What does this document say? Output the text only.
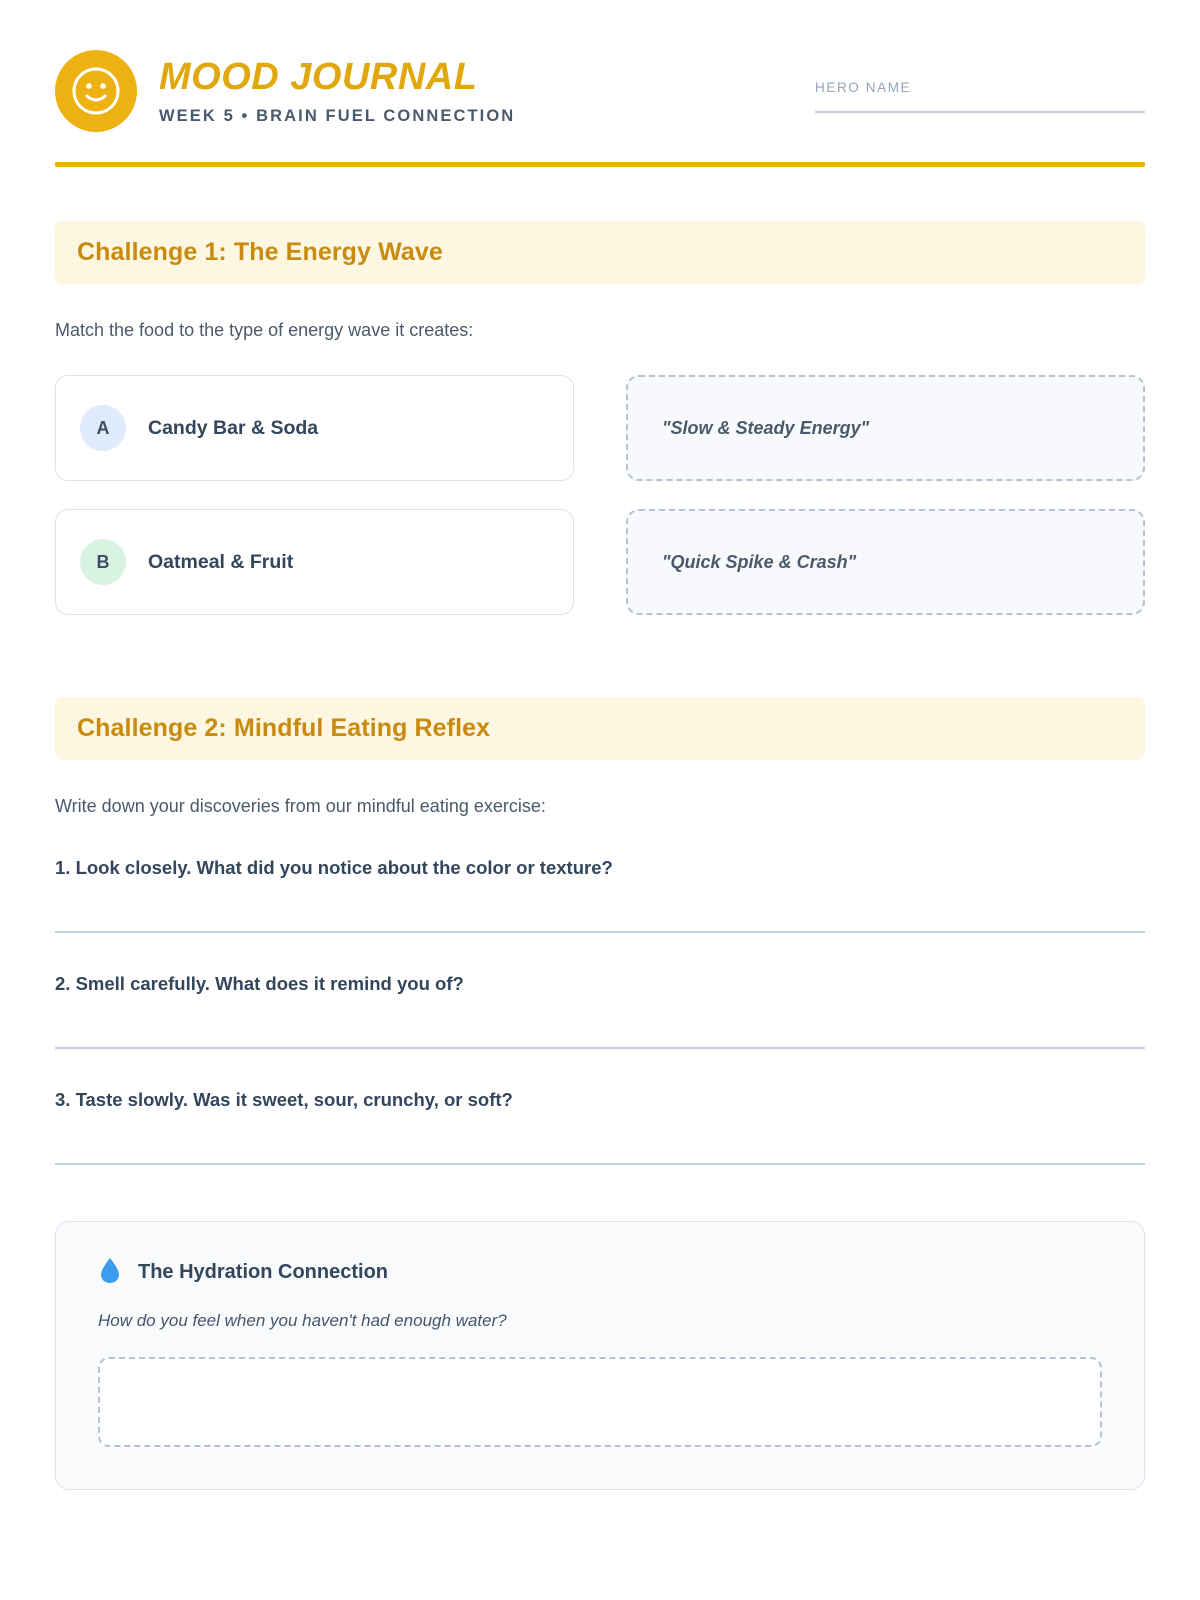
MOOD JOURNAL
WEEK 5 • BRAIN FUEL CONNECTION
HERO NAME
Challenge 1: The Energy Wave
Match the food to the type of energy wave it creates:
A	Candy Bar & Soda	"Slow & Steady Energy"
B	Oatmeal & Fruit	"Quick Spike & Crash"
Challenge 2: Mindful Eating Reflex
Write down your discoveries from our mindful eating exercise:
1. Look closely. What did you notice about the color or texture?
2. Smell carefully. What does it remind you of?
3. Taste slowly. Was it sweet, sour, crunchy, or soft?
The Hydration Connection
How do you feel when you haven't had enough water?
